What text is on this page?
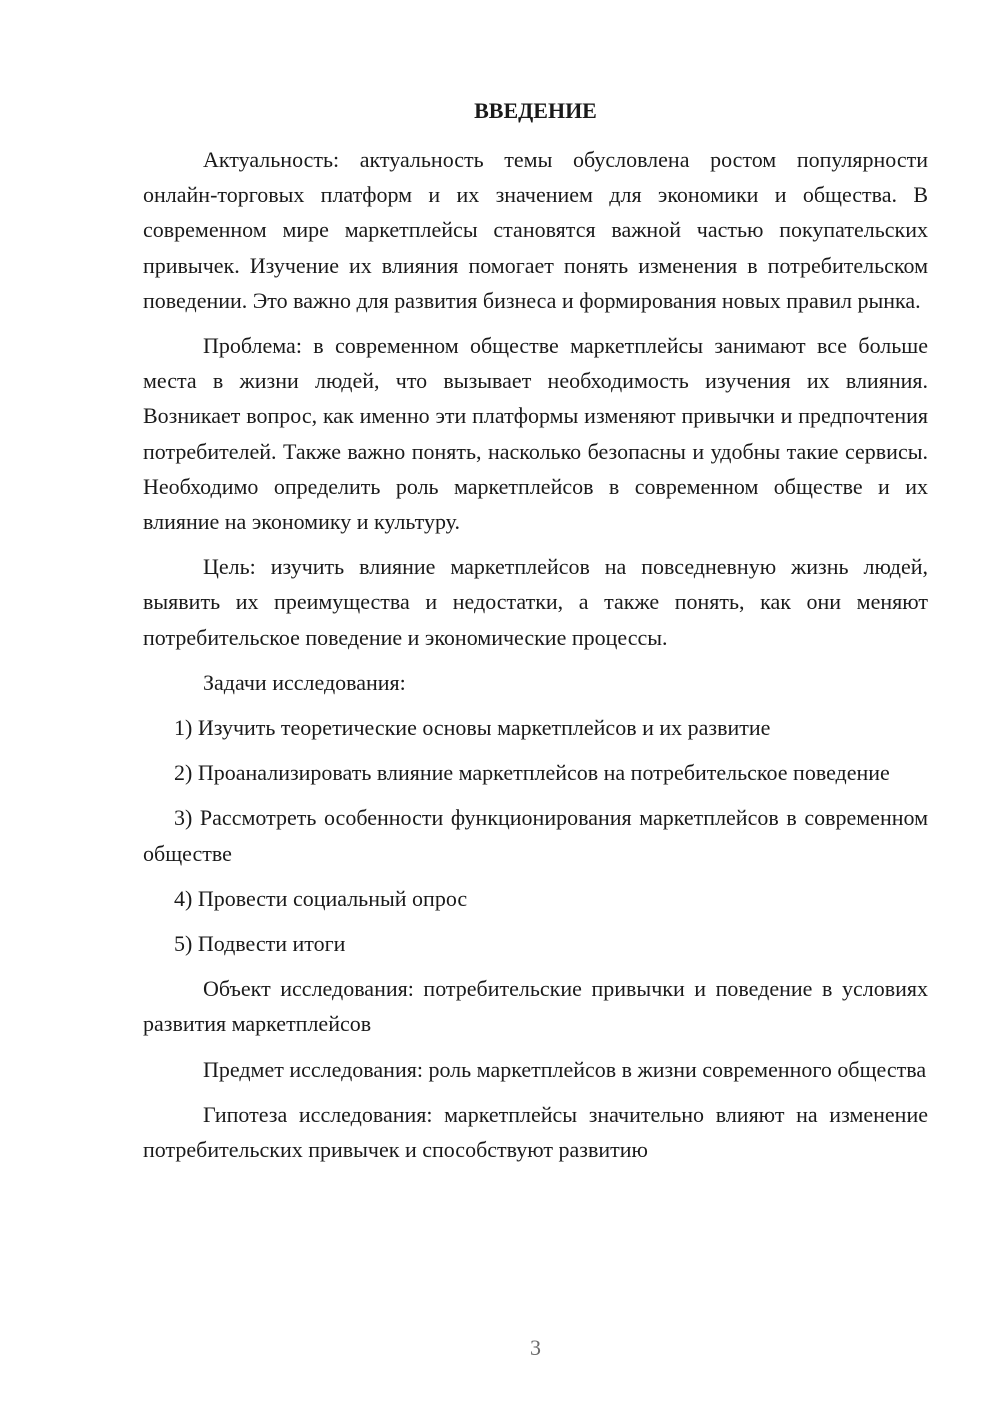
ВВЕДЕНИЕ

Актуальность: актуальность темы обусловлена ростом популярности онлайн-торговых платформ и их значением для экономики и общества. В современном мире маркетплейсы становятся важной частью покупательских привычек. Изучение их влияния помогает понять изменения в потребительском поведении. Это важно для развития бизнеса и формирования новых правил рынка.

Проблема: в современном обществе маркетплейсы занимают все больше места в жизни людей, что вызывает необходимость изучения их влияния. Возникает вопрос, как именно эти платформы изменяют привычки и предпочтения потребителей. Также важно понять, насколько безопасны и удобны такие сервисы. Необходимо определить роль маркетплейсов в современном обществе и их влияние на экономику и культуру.

Цель: изучить влияние маркетплейсов на повседневную жизнь людей, выявить их преимущества и недостатки, а также понять, как они меняют потребительское поведение и экономические процессы.

Задачи исследования:

1) Изучить теоретические основы маркетплейсов и их развитие

2) Проанализировать влияние маркетплейсов на потребительское поведение

3) Рассмотреть особенности функционирования маркетплейсов в современном обществе

4) Провести социальный опрос

5) Подвести итоги

Объект исследования: потребительские привычки и поведение в условиях развития маркетплейсов

Предмет исследования: роль маркетплейсов в жизни современного общества

Гипотеза исследования: маркетплейсы значительно влияют на изменение потребительских привычек и способствуют развитию

3
